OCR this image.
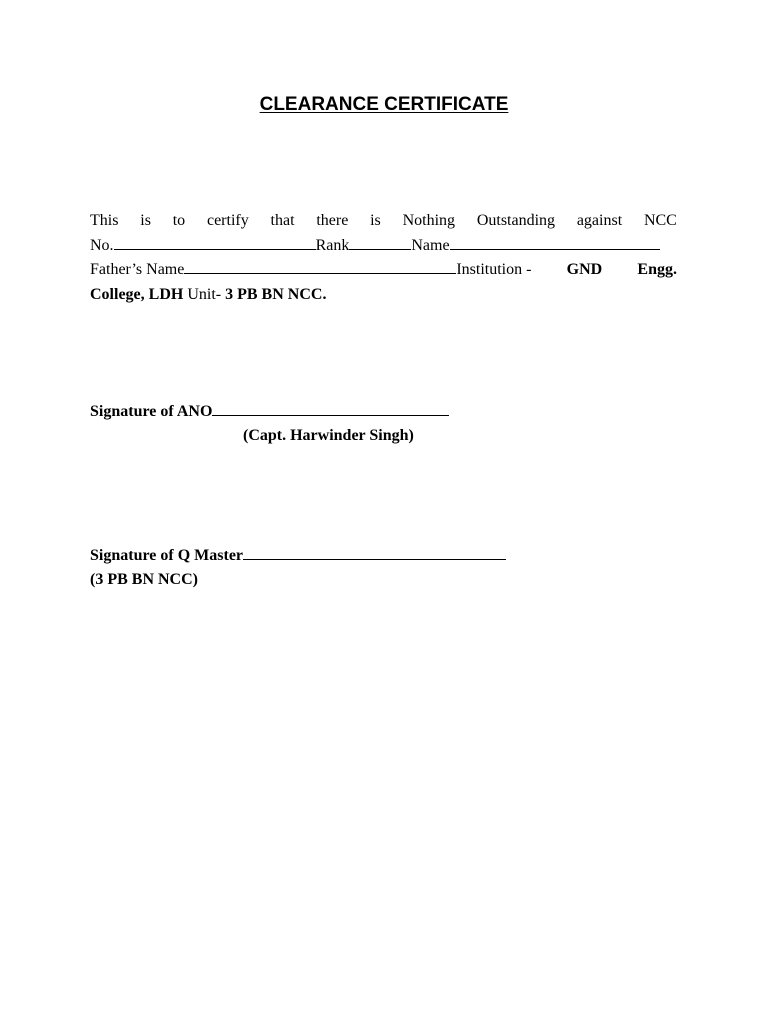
CLEARANCE CERTIFICATE
This is to certify that there is Nothing Outstanding against NCC
No.	Rank	Name
Father’s Name	Institution - GND Engg.
College, LDH
Unit-
3 PB BN NCC.
Signature of ANO
(Capt. Harwinder Singh)
Signature of Q Master
(3 PB BN NCC)
